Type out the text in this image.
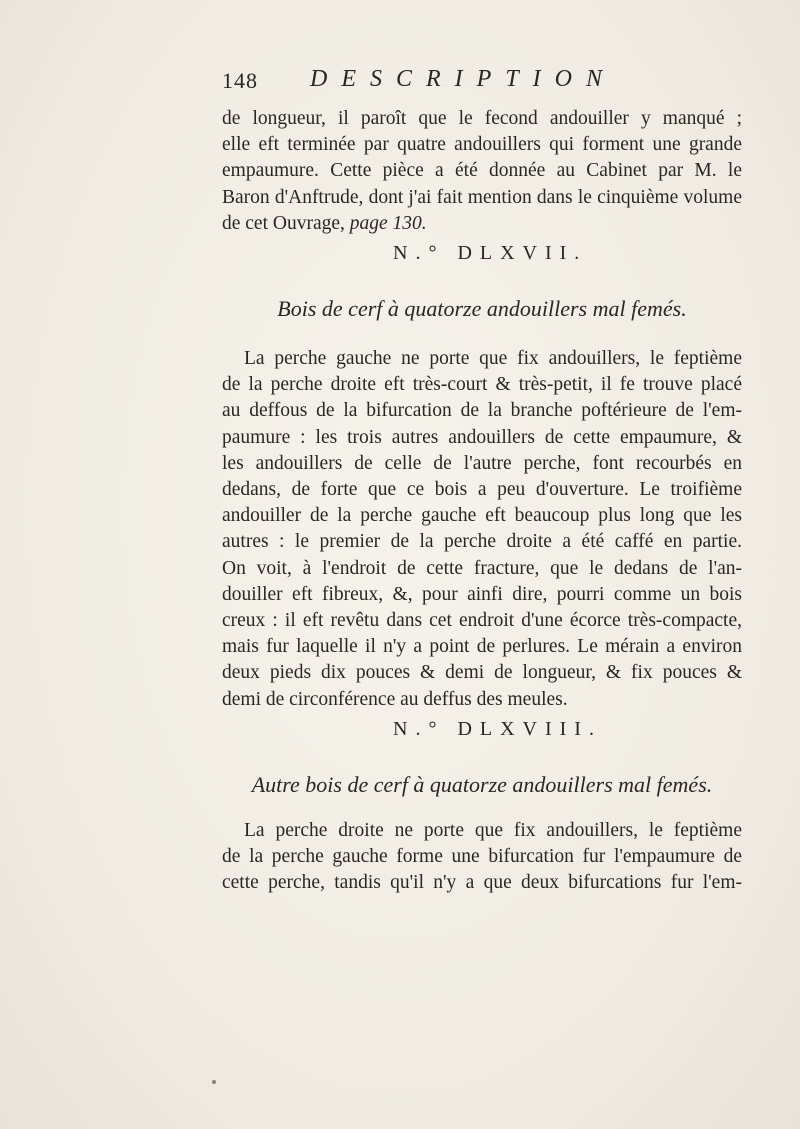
148 DESCRIPTION
de longueur, il paroît que le fecond andouiller y manqué ;
elle eft terminée par quatre andouillers qui forment une grande
empaumure. Cette pièce a été donnée au Cabinet par M. le
Baron d'Anftrude, dont j'ai fait mention dans le cinquième volume
de cet Ouvrage, page 130.
N.° DLXVII.
Bois de cerf à quatorze andouillers mal femés.
La perche gauche ne porte que fix andouillers, le feptième
de la perche droite eft très-court & très-petit, il fe trouve placé
au deffous de la bifurcation de la branche poftérieure de l'em-
paumure : les trois autres andouillers de cette empaumure, &
les andouillers de celle de l'autre perche, font recourbés en
dedans, de forte que ce bois a peu d'ouverture. Le troifième
andouiller de la perche gauche eft beaucoup plus long que les
autres : le premier de la perche droite a été caffé en partie.
On voit, à l'endroit de cette fracture, que le dedans de l'an-
douiller eft fibreux, &, pour ainfi dire, pourri comme un bois
creux : il eft revêtu dans cet endroit d'une écorce très-compacte,
mais fur laquelle il n'y a point de perlures. Le mérain a environ
deux pieds dix pouces & demi de longueur, & fix pouces &
demi de circonférence au deffus des meules.
N.° DLXVIII.
Autre bois de cerf à quatorze andouillers mal femés.
La perche droite ne porte que fix andouillers, le feptième
de la perche gauche forme une bifurcation fur l'empaumure de
cette perche, tandis qu'il n'y a que deux bifurcations fur l'em-
